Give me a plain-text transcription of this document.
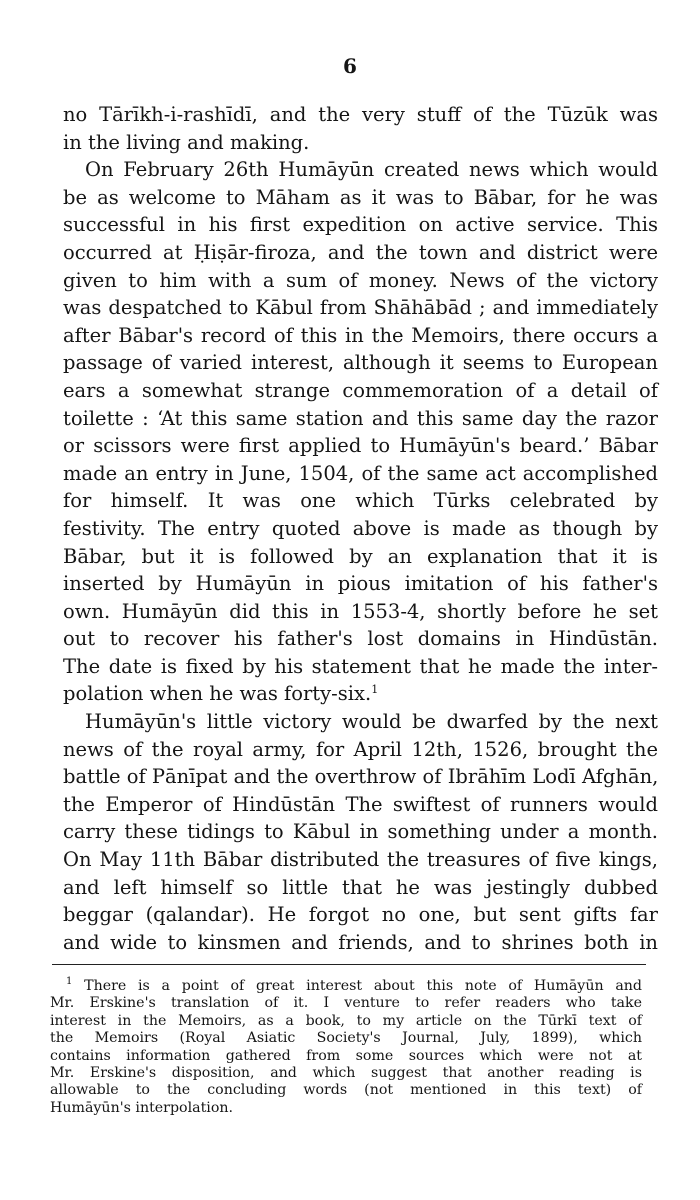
6
no Tārīkh-i-rashīdī, and the very stuff of the Tūzūk was
in the living and making.
On February 26th Humāyūn created news which would
be as welcome to Māham as it was to Bābar, for he was
successful in his first expedition on active service. This
occurred at Ḥiṣār-firoza, and the town and district were
given to him with a sum of money. News of the victory
was despatched to Kābul from Shāhābād ; and immediately
after Bābar's record of this in the Memoirs, there occurs a
passage of varied interest, although it seems to European
ears a somewhat strange commemoration of a detail of
toilette : ‘At this same station and this same day the razor
or scissors were first applied to Humāyūn's beard.’ Bābar
made an entry in June, 1504, of the same act accomplished
for himself. It was one which Tūrks celebrated by
festivity. The entry quoted above is made as though by
Bābar, but it is followed by an explanation that it is
inserted by Humāyūn in pious imitation of his father's
own. Humāyūn did this in 1553-4, shortly before he set
out to recover his father's lost domains in Hindūstān.
The date is fixed by his statement that he made the inter-
polation when he was forty-six.$^1$
Humāyūn's little victory would be dwarfed by the next
news of the royal army, for April 12th, 1526, brought the
battle of Pānīpat and the overthrow of Ibrāhīm Lodī Afghān,
the Emperor of Hindūstān The swiftest of runners would
carry these tidings to Kābul in something under a month.
On May 11th Bābar distributed the treasures of five kings,
and left himself so little that he was jestingly dubbed
beggar (qalandar). He forgot no one, but sent gifts far
and wide to kinsmen and friends, and to shrines both in
$^1$ There is a point of great interest about this note of Humāyūn and
Mr. Erskine's translation of it. I venture to refer readers who take
interest in the Memoirs, as a book, to my article on the Tūrkī text of
the Memoirs (Royal Asiatic Society's Journal, July, 1899), which
contains information gathered from some sources which were not at
Mr. Erskine's disposition, and which suggest that another reading is
allowable to the concluding words (not mentioned in this text) of
Humāyūn's interpolation.
